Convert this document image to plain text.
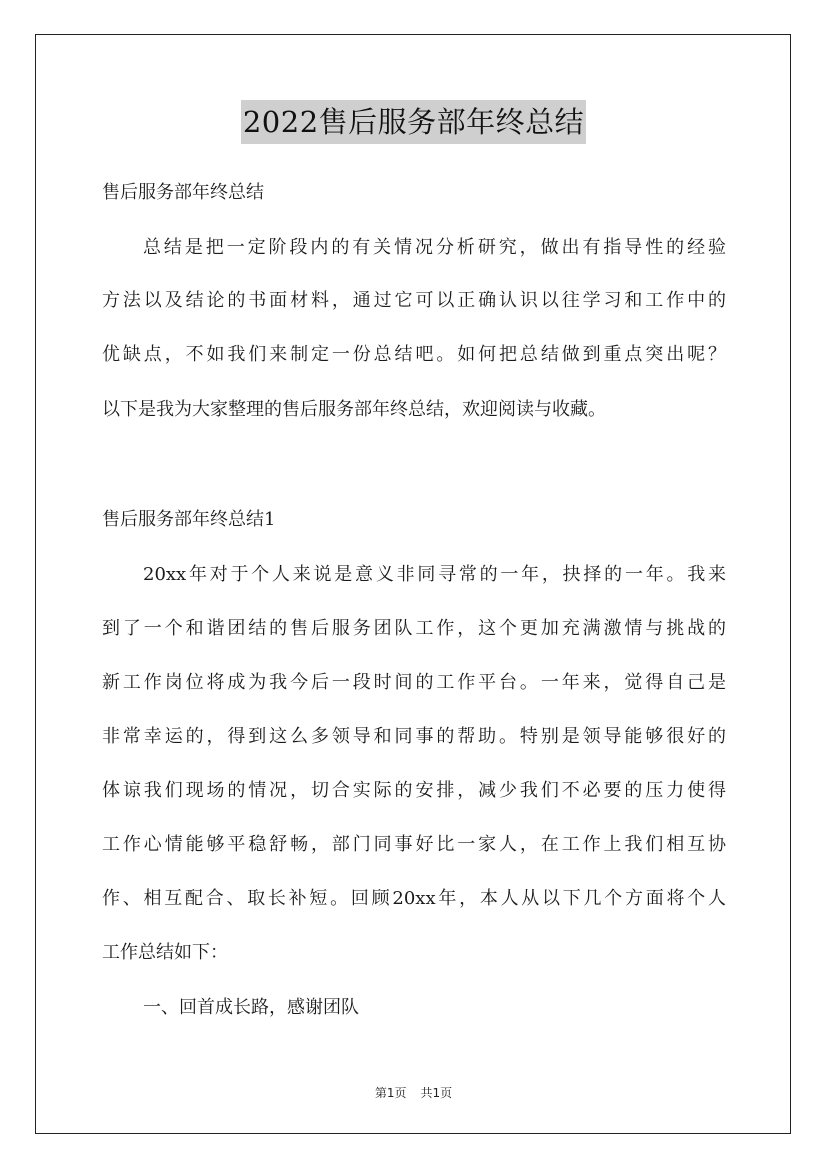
2022售后服务部年终总结
售后服务部年终总结
总结是把一定阶段内的有关情况分析研究，做出有指导性的经验
方法以及结论的书面材料，通过它可以正确认识以往学习和工作中的
优缺点，不如我们来制定一份总结吧。如何把总结做到重点突出呢？
以下是我为大家整理的售后服务部年终总结，欢迎阅读与收藏。
售后服务部年终总结1
20xx年对于个人来说是意义非同寻常的一年，抉择的一年。我来
到了一个和谐团结的售后服务团队工作，这个更加充满激情与挑战的
新工作岗位将成为我今后一段时间的工作平台。一年来，觉得自己是
非常幸运的，得到这么多领导和同事的帮助。特别是领导能够很好的
体谅我们现场的情况，切合实际的安排，减少我们不必要的压力使得
工作心情能够平稳舒畅，部门同事好比一家人，在工作上我们相互协
作、相互配合、取长补短。回顾20xx年，本人从以下几个方面将个人
工作总结如下：
一、回首成长路，感谢团队
第1页 共1页
